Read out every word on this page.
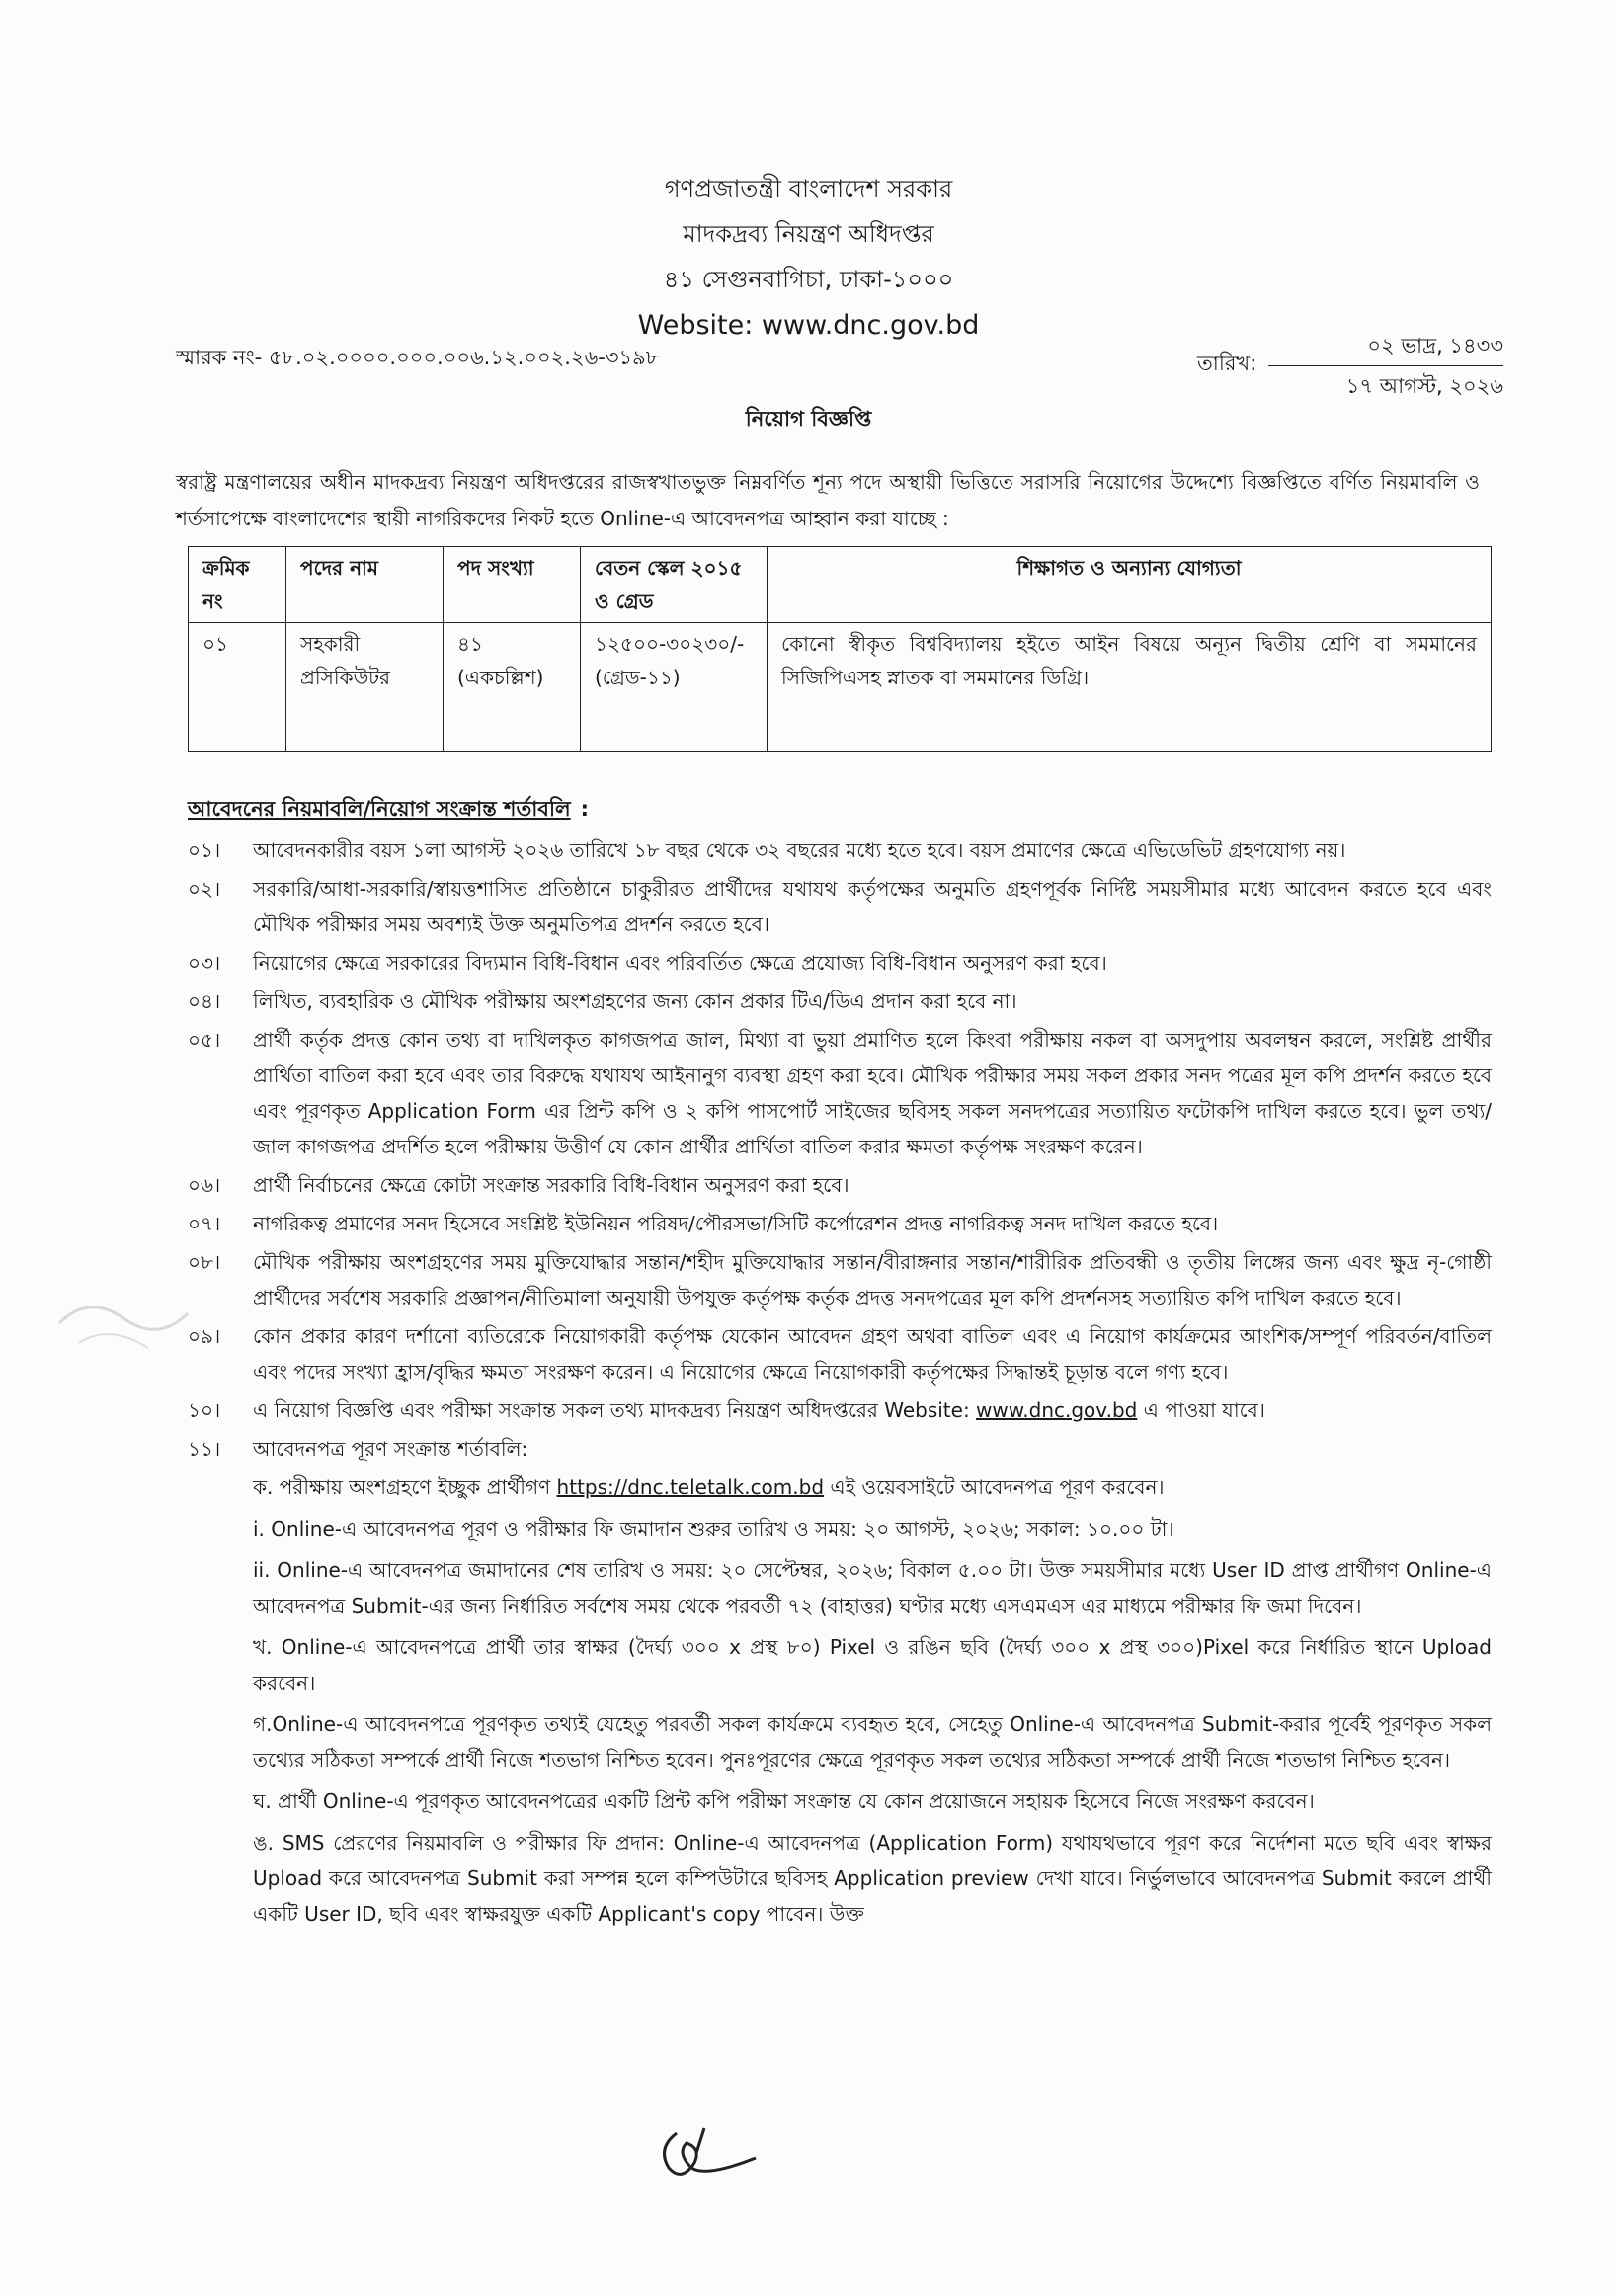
গণপ্রজাতন্ত্রী বাংলাদেশ সরকার
মাদকদ্রব্য নিয়ন্ত্রণ অধিদপ্তর
৪১ সেগুনবাগিচা, ঢাকা-১০০০
Website: www.dnc.gov.bd
স্মারক নং- ৫৮.০২.০০০০.০০০.০০৬.১২.০০২.২৬-৩১৯৮	তারিখ:
০২ ভাদ্র, ১৪৩৩
১৭ আগস্ট, ২০২৬
নিয়োগ বিজ্ঞপ্তি
স্বরাষ্ট্র মন্ত্রণালয়ের অধীন মাদকদ্রব্য নিয়ন্ত্রণ অধিদপ্তরের রাজস্বখাতভুক্ত নিম্নবর্ণিত শূন্য পদে অস্থায়ী ভিত্তিতে সরাসরি নিয়োগের উদ্দেশ্যে বিজ্ঞপ্তিতে বর্ণিত নিয়মাবলি ও শর্তসাপেক্ষে বাংলাদেশের স্থায়ী নাগরিকদের নিকট হতে Online-এ আবেদনপত্র আহ্বান করা যাচ্ছে :
ক্রমিক নং	পদের নাম	পদ সংখ্যা	বেতন স্কেল ২০১৫ ও গ্রেড	শিক্ষাগত ও অন্যান্য যোগ্যতা
০১	সহকারী প্রসিকিউটর	৪১ (একচল্লিশ)	১২৫০০-৩০২৩০/- (গ্রেড-১১)	কোনো স্বীকৃত বিশ্ববিদ্যালয় হইতে আইন বিষয়ে অন্যূন দ্বিতীয় শ্রেণি বা সমমানের সিজিপিএসহ স্নাতক বা সমমানের ডিগ্রি।
আবেদনের নিয়মাবলি/নিয়োগ সংক্রান্ত শর্তাবলি :
০১। আবেদনকারীর বয়স ১লা আগস্ট ২০২৬ তারিখে ১৮ বছর থেকে ৩২ বছরের মধ্যে হতে হবে। বয়স প্রমাণের ক্ষেত্রে এভিডেভিট গ্রহণযোগ্য নয়।
০২। সরকারি/আধা-সরকারি/স্বায়ত্তশাসিত প্রতিষ্ঠানে চাকুরীরত প্রার্থীদের যথাযথ কর্তৃপক্ষের অনুমতি গ্রহণপূর্বক নির্দিষ্ট সময়সীমার মধ্যে আবেদন করতে হবে এবং মৌখিক পরীক্ষার সময় অবশ্যই উক্ত অনুমতিপত্র প্রদর্শন করতে হবে।
০৩। নিয়োগের ক্ষেত্রে সরকারের বিদ্যমান বিধি-বিধান এবং পরিবর্তিত ক্ষেত্রে প্রযোজ্য বিধি-বিধান অনুসরণ করা হবে।
০৪। লিখিত, ব্যবহারিক ও মৌখিক পরীক্ষায় অংশগ্রহণের জন্য কোন প্রকার টিএ/ডিএ প্রদান করা হবে না।
০৫। প্রার্থী কর্তৃক প্রদত্ত কোন তথ্য বা দাখিলকৃত কাগজপত্র জাল, মিথ্যা বা ভুয়া প্রমাণিত হলে কিংবা পরীক্ষায় নকল বা অসদুপায় অবলম্বন করলে, সংশ্লিষ্ট প্রার্থীর প্রার্থিতা বাতিল করা হবে এবং তার বিরুদ্ধে যথাযথ আইনানুগ ব্যবস্থা গ্রহণ করা হবে। মৌখিক পরীক্ষার সময় সকল প্রকার সনদ পত্রের মূল কপি প্রদর্শন করতে হবে এবং পূরণকৃত Application Form এর প্রিন্ট কপি ও ২ কপি পাসপোর্ট সাইজের ছবিসহ সকল সনদপত্রের সত্যায়িত ফটোকপি দাখিল করতে হবে। ভুল তথ্য/জাল কাগজপত্র প্রদর্শিত হলে পরীক্ষায় উত্তীর্ণ যে কোন প্রার্থীর প্রার্থিতা বাতিল করার ক্ষমতা কর্তৃপক্ষ সংরক্ষণ করেন।
০৬। প্রার্থী নির্বাচনের ক্ষেত্রে কোটা সংক্রান্ত সরকারি বিধি-বিধান অনুসরণ করা হবে।
০৭। নাগরিকত্ব প্রমাণের সনদ হিসেবে সংশ্লিষ্ট ইউনিয়ন পরিষদ/পৌরসভা/সিটি কর্পোরেশন প্রদত্ত নাগরিকত্ব সনদ দাখিল করতে হবে।
০৮। মৌখিক পরীক্ষায় অংশগ্রহণের সময় মুক্তিযোদ্ধার সন্তান/শহীদ মুক্তিযোদ্ধার সন্তান/বীরাঙ্গনার সন্তান/শারীরিক প্রতিবন্ধী ও তৃতীয় লিঙ্গের জন্য এবং ক্ষুদ্র নৃ-গোষ্ঠী প্রার্থীদের সর্বশেষ সরকারি প্রজ্ঞাপন/নীতিমালা অনুযায়ী উপযুক্ত কর্তৃপক্ষ কর্তৃক প্রদত্ত সনদপত্রের মূল কপি প্রদর্শনসহ সত্যায়িত কপি দাখিল করতে হবে।
০৯। কোন প্রকার কারণ দর্শানো ব্যতিরেকে নিয়োগকারী কর্তৃপক্ষ যেকোন আবেদন গ্রহণ অথবা বাতিল এবং এ নিয়োগ কার্যক্রমের আংশিক/সম্পূর্ণ পরিবর্তন/বাতিল এবং পদের সংখ্যা হ্রাস/বৃদ্ধির ক্ষমতা সংরক্ষণ করেন। এ নিয়োগের ক্ষেত্রে নিয়োগকারী কর্তৃপক্ষের সিদ্ধান্তই চূড়ান্ত বলে গণ্য হবে।
১০। এ নিয়োগ বিজ্ঞপ্তি এবং পরীক্ষা সংক্রান্ত সকল তথ্য মাদকদ্রব্য নিয়ন্ত্রণ অধিদপ্তরের Website: www.dnc.gov.bd এ পাওয়া যাবে।
১১। আবেদনপত্র পূরণ সংক্রান্ত শর্তাবলি:
ক. পরীক্ষায় অংশগ্রহণে ইচ্ছুক প্রার্থীগণ https://dnc.teletalk.com.bd এই ওয়েবসাইটে আবেদনপত্র পূরণ করবেন।
i. Online-এ আবেদনপত্র পূরণ ও পরীক্ষার ফি জমাদান শুরুর তারিখ ও সময়: ২০ আগস্ট, ২০২৬; সকাল: ১০.০০ টা।
ii. Online-এ আবেদনপত্র জমাদানের শেষ তারিখ ও সময়: ২০ সেপ্টেম্বর, ২০২৬; বিকাল ৫.০০ টা। উক্ত সময়সীমার মধ্যে User ID প্রাপ্ত প্রার্থীগণ Online-এ আবেদনপত্র Submit-এর জন্য নির্ধারিত সর্বশেষ সময় থেকে পরবর্তী ৭২ (বাহাত্তর) ঘণ্টার মধ্যে এসএমএস এর মাধ্যমে পরীক্ষার ফি জমা দিবেন।
খ. Online-এ আবেদনপত্রে প্রার্থী তার স্বাক্ষর (দৈর্ঘ্য ৩০০ x প্রস্থ ৮০) Pixel ও রঙিন ছবি (দৈর্ঘ্য ৩০০ x প্রস্থ ৩০০)Pixel করে নির্ধারিত স্থানে Upload করবেন।
গ.Online-এ আবেদনপত্রে পূরণকৃত তথ্যই যেহেতু পরবর্তী সকল কার্যক্রমে ব্যবহৃত হবে, সেহেতু Online-এ আবেদনপত্র Submit-করার পূর্বেই পূরণকৃত সকল তথ্যের সঠিকতা সম্পর্কে প্রার্থী নিজে শতভাগ নিশ্চিত হবেন। পুনঃপূরণের ক্ষেত্রে পূরণকৃত সকল তথ্যের সঠিকতা সম্পর্কে প্রার্থী নিজে শতভাগ নিশ্চিত হবেন।
ঘ. প্রার্থী Online-এ পূরণকৃত আবেদনপত্রের একটি প্রিন্ট কপি পরীক্ষা সংক্রান্ত যে কোন প্রয়োজনে সহায়ক হিসেবে নিজে সংরক্ষণ করবেন।
ঙ. SMS প্রেরণের নিয়মাবলি ও পরীক্ষার ফি প্রদান: Online-এ আবেদনপত্র (Application Form) যথাযথভাবে পূরণ করে নির্দেশনা মতে ছবি এবং স্বাক্ষর Upload করে আবেদনপত্র Submit করা সম্পন্ন হলে কম্পিউটারে ছবিসহ Application preview দেখা যাবে। নির্ভুলভাবে আবেদনপত্র Submit করলে প্রার্থী একটি User ID, ছবি এবং স্বাক্ষরযুক্ত একটি Applicant's copy পাবেন। উক্ত
